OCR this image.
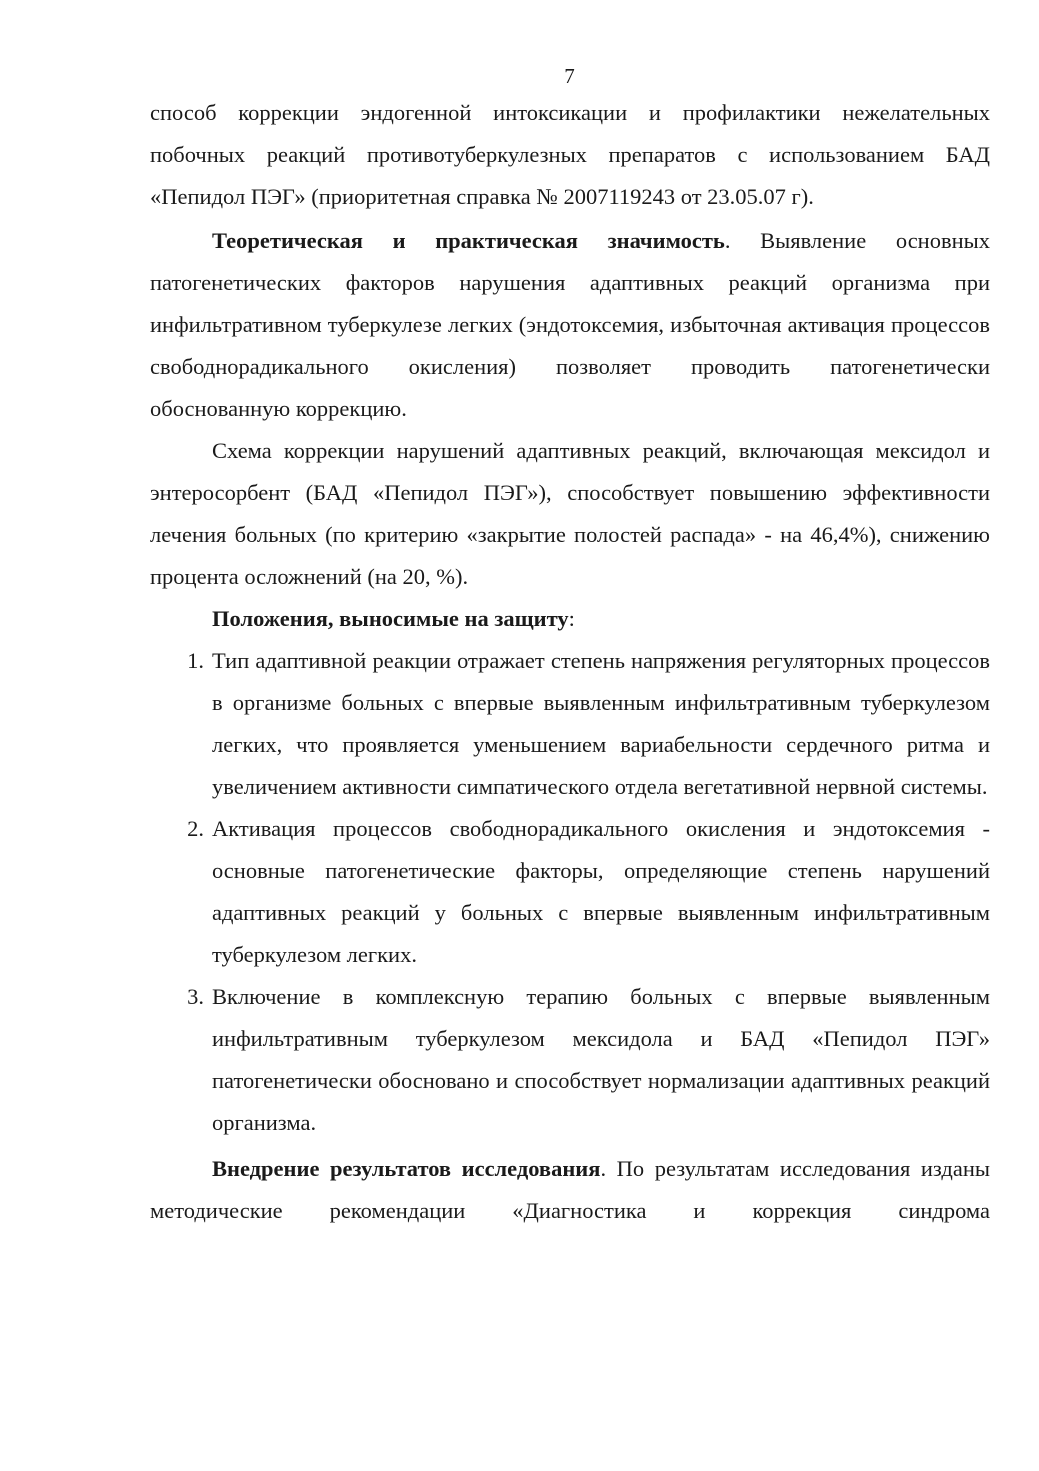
7

способ коррекции эндогенной интоксикации и профилактики нежелательных побочных реакций противотуберкулезных препаратов с использованием БАД «Пепидол ПЭГ» (приоритетная справка № 2007119243 от 23.05.07 г).

Теоретическая и практическая значимость. Выявление основных патогенетических факторов нарушения адаптивных реакций организма при инфильтративном туберкулезе легких (эндотоксемия, избыточная активация процессов свободнорадикального окисления) позволяет проводить патогенетически обоснованную коррекцию.

Схема коррекции нарушений адаптивных реакций, включающая мексидол и энтеросорбент (БАД «Пепидол ПЭГ»), способствует повышению эффективности лечения больных (по критерию «закрытие полостей распада» - на 46,4%), снижению процента осложнений (на 20, %).

Положения, выносимые на защиту:

1. Тип адаптивной реакции отражает степень напряжения регуляторных процессов в организме больных с впервые выявленным инфильтративным туберкулезом легких, что проявляется уменьшением вариабельности сердечного ритма и увеличением активности симпатического отдела вегетативной нервной системы.
2. Активация процессов свободнорадикального окисления и эндотоксемия - основные патогенетические факторы, определяющие степень нарушений адаптивных реакций у больных с впервые выявленным инфильтративным туберкулезом легких.
3. Включение в комплексную терапию больных с впервые выявленным инфильтративным туберкулезом мексидола и БАД «Пепидол ПЭГ» патогенетически обосновано и способствует нормализации адаптивных реакций организма.

Внедрение результатов исследования. По результатам исследования изданы методические рекомендации «Диагностика и коррекция синдрома
